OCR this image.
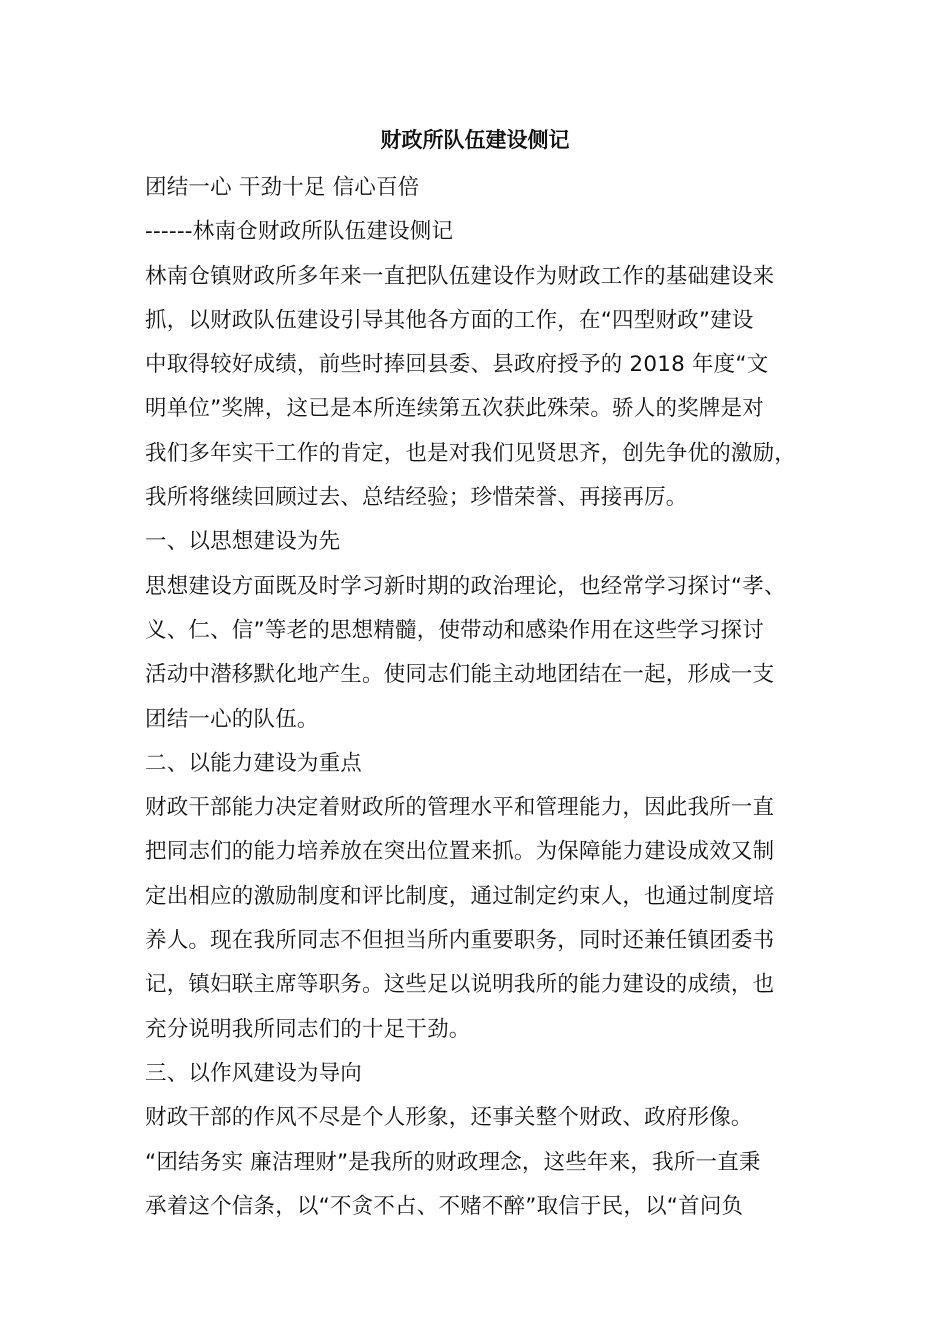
财政所队伍建设侧记
团结一心 干劲十足 信心百倍
------林南仓财政所队伍建设侧记
林南仓镇财政所多年来一直把队伍建设作为财政工作的基础建设来
抓，以财政队伍建设引导其他各方面的工作，在“四型财政”建设
中取得较好成绩，前些时捧回县委、县政府授予的 2018 年度“文
明单位”奖牌，这已是本所连续第五次获此殊荣。骄人的奖牌是对
我们多年实干工作的肯定，也是对我们见贤思齐，创先争优的激励，
我所将继续回顾过去、总结经验；珍惜荣誉、再接再厉。
一、以思想建设为先
思想建设方面既及时学习新时期的政治理论，也经常学习探讨“孝、
义、仁、信”等老的思想精髓，使带动和感染作用在这些学习探讨
活动中潜移默化地产生。使同志们能主动地团结在一起，形成一支
团结一心的队伍。
二、以能力建设为重点
财政干部能力决定着财政所的管理水平和管理能力，因此我所一直
把同志们的能力培养放在突出位置来抓。为保障能力建设成效又制
定出相应的激励制度和评比制度，通过制定约束人，也通过制度培
养人。现在我所同志不但担当所内重要职务，同时还兼任镇团委书
记，镇妇联主席等职务。这些足以说明我所的能力建设的成绩，也
充分说明我所同志们的十足干劲。
三、以作风建设为导向
财政干部的作风不尽是个人形象，还事关整个财政、政府形像。
“团结务实 廉洁理财”是我所的财政理念，这些年来，我所一直秉
承着这个信条，以“不贪不占、不赌不醉”取信于民，以“首问负
